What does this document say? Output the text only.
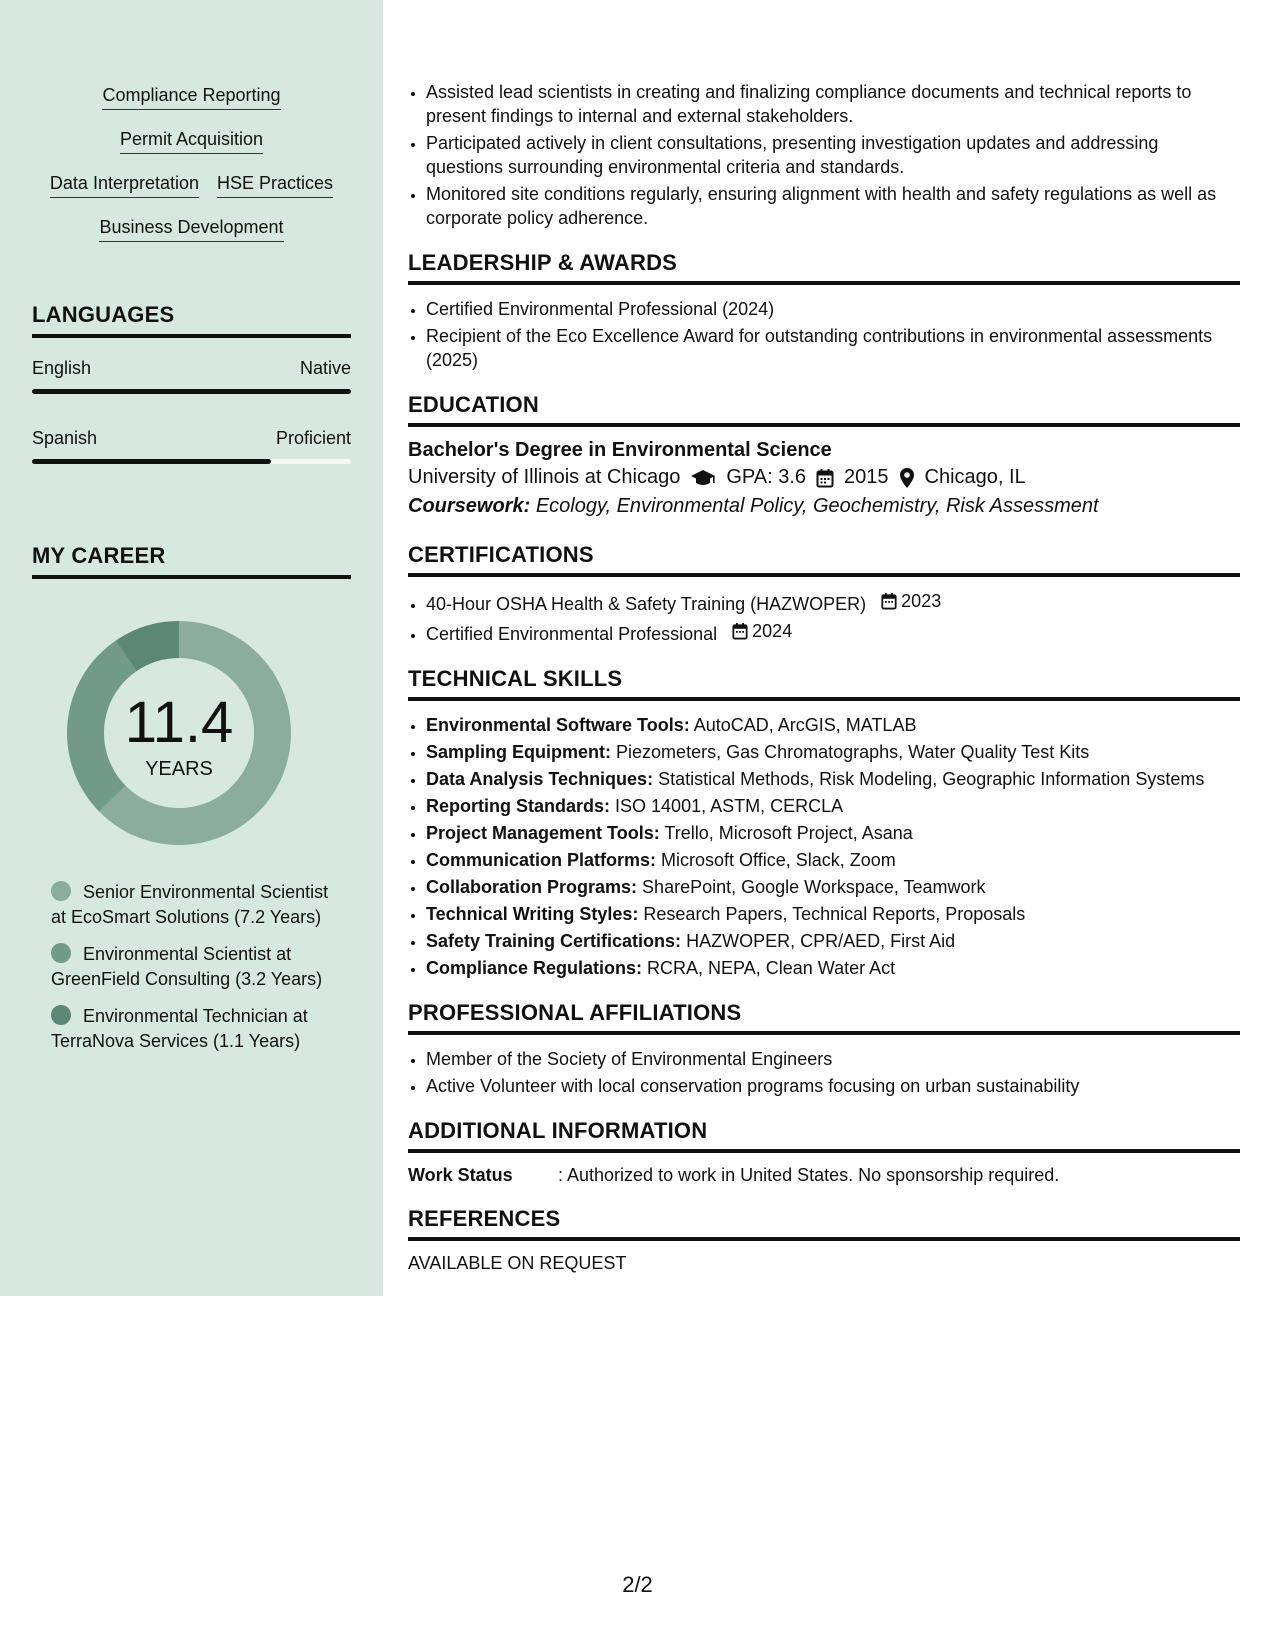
Compliance Reporting
Permit Acquisition
Data Interpretation HSE Practices
Business Development
LANGUAGES
English	Native
Spanish	Proficient
MY CAREER
11.4
YEARS
Senior Environmental Scientist at EcoSmart Solutions (7.2 Years)
Environmental Scientist at GreenField Consulting (3.2 Years)
Environmental Technician at TerraNova Services (1.1 Years)
• Assisted lead scientists in creating and finalizing compliance documents and technical reports to present findings to internal and external stakeholders.
• Participated actively in client consultations, presenting investigation updates and addressing questions surrounding environmental criteria and standards.
• Monitored site conditions regularly, ensuring alignment with health and safety regulations as well as corporate policy adherence.
LEADERSHIP & AWARDS
• Certified Environmental Professional (2024)
• Recipient of the Eco Excellence Award for outstanding contributions in environmental assessments (2025)
EDUCATION
Bachelor's Degree in Environmental Science
University of Illinois at Chicago GPA: 3.6 2015 Chicago, IL
Coursework: Ecology, Environmental Policy, Geochemistry, Risk Assessment
CERTIFICATIONS
• 40-Hour OSHA Health & Safety Training (HAZWOPER) 2023
• Certified Environmental Professional 2024
TECHNICAL SKILLS
• Environmental Software Tools: AutoCAD, ArcGIS, MATLAB
• Sampling Equipment: Piezometers, Gas Chromatographs, Water Quality Test Kits
• Data Analysis Techniques: Statistical Methods, Risk Modeling, Geographic Information Systems
• Reporting Standards: ISO 14001, ASTM, CERCLA
• Project Management Tools: Trello, Microsoft Project, Asana
• Communication Platforms: Microsoft Office, Slack, Zoom
• Collaboration Programs: SharePoint, Google Workspace, Teamwork
• Technical Writing Styles: Research Papers, Technical Reports, Proposals
• Safety Training Certifications: HAZWOPER, CPR/AED, First Aid
• Compliance Regulations: RCRA, NEPA, Clean Water Act
PROFESSIONAL AFFILIATIONS
• Member of the Society of Environmental Engineers
• Active Volunteer with local conservation programs focusing on urban sustainability
ADDITIONAL INFORMATION
Work Status	: Authorized to work in United States. No sponsorship required.
REFERENCES
AVAILABLE ON REQUEST
2/2
